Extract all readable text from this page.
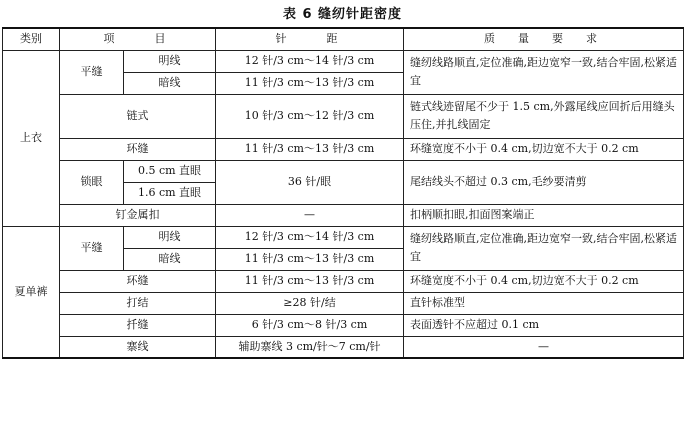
表 6 缝纫针距密度
类别	项　　目		针　　距	质　量　要　求
上衣	平缝	明线	12 针/3 cm～14 针/3 cm	缝纫线路顺直,定位准确,距边宽窄一致,结合牢固,松紧适宜
		暗线	11 针/3 cm～13 针/3 cm	
	链式		10 针/3 cm～12 针/3 cm	链式线迹留尾不少于 1.5 cm,外露尾线应回折后用缝头压住,并扎线固定
	环缝		11 针/3 cm～13 针/3 cm	环缝宽度不小于 0.4 cm,切边宽不大于 0.2 cm
	锁眼	0.5 cm 直眼	36 针/眼	尾结线头不超过 0.3 cm,毛纱要清剪
		1.6 cm 直眼		
	钉金属扣		—	扣柄顺扣眼,扣面图案端正
夏单裤	平缝	明线	12 针/3 cm～14 针/3 cm	缝纫线路顺直,定位准确,距边宽窄一致,结合牢固,松紧适宜
		暗线	11 针/3 cm～13 针/3 cm	
	环缝		11 针/3 cm～13 针/3 cm	环缝宽度不小于 0.4 cm,切边宽不大于 0.2 cm
	打结		≥28 针/结	直针标准型
	扦缝		6 针/3 cm～8 针/3 cm	表面透针不应超过 0.1 cm
	寨线		辅助寨线 3 cm/针～7 cm/针	—
